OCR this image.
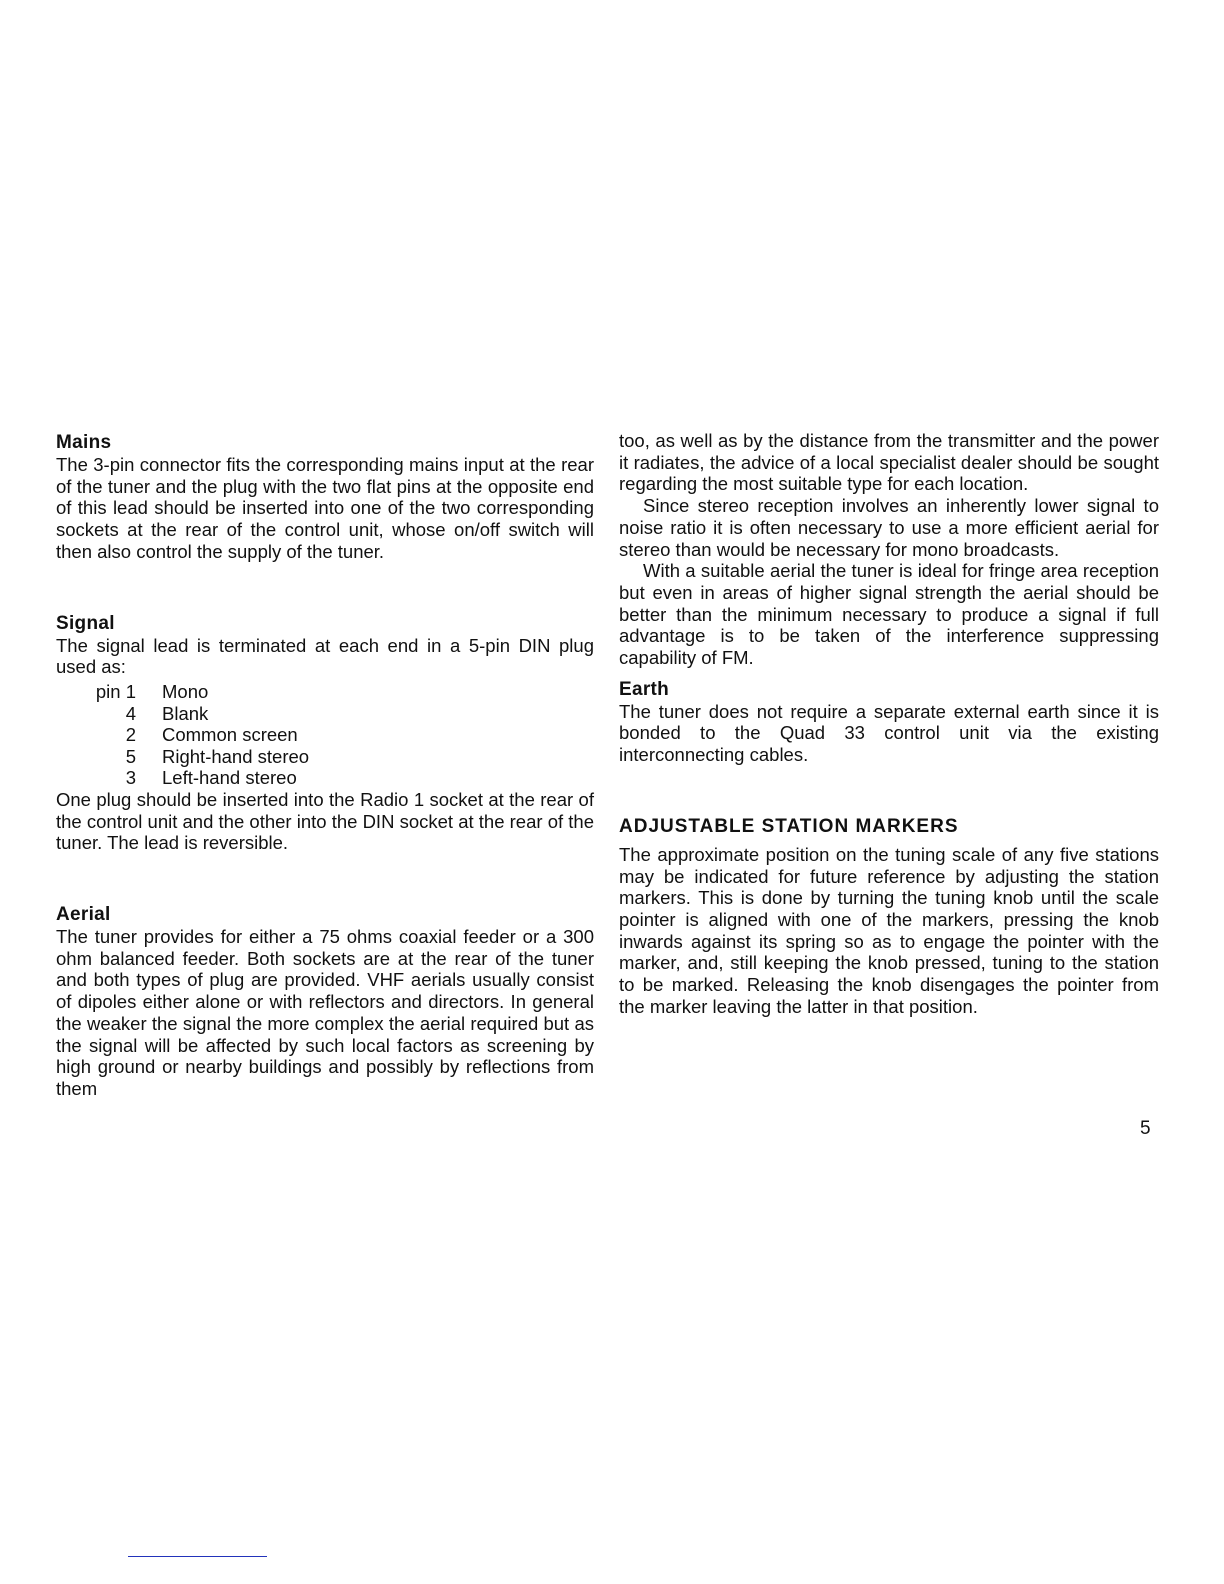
Mains

The 3-pin connector fits the corresponding mains input at the rear of the tuner and the plug with the two flat pins at the opposite end of this lead should be inserted into one of the two corresponding sockets at the rear of the control unit, whose on/off switch will then also control the supply of the tuner.

Signal

The signal lead is terminated at each end in a 5-pin DIN plug used as:

pin 1	Mono
4	Blank
2	Common screen
5	Right-hand stereo
3	Left-hand stereo

One plug should be inserted into the Radio 1 socket at the rear of the control unit and the other into the DIN socket at the rear of the tuner. The lead is reversible.

Aerial

The tuner provides for either a 75 ohms coaxial feeder or a 300 ohm balanced feeder. Both sockets are at the rear of the tuner and both types of plug are provided. VHF aerials usually consist of dipoles either alone or with reflectors and directors. In general the weaker the signal the more complex the aerial required but as the signal will be affected by such local factors as screening by high ground or nearby buildings and possibly by reflections from them

too, as well as by the distance from the transmitter and the power it radiates, the advice of a local specialist dealer should be sought regarding the most suitable type for each location.

Since stereo reception involves an inherently lower signal to noise ratio it is often necessary to use a more efficient aerial for stereo than would be necessary for mono broadcasts.

With a suitable aerial the tuner is ideal for fringe area reception but even in areas of higher signal strength the aerial should be better than the minimum necessary to produce a signal if full advantage is to be taken of the interference suppressing capability of FM.

Earth

The tuner does not require a separate external earth since it is bonded to the Quad 33 control unit via the existing interconnecting cables.

ADJUSTABLE STATION MARKERS

The approximate position on the tuning scale of any five stations may be indicated for future reference by adjusting the station markers. This is done by turning the tuning knob until the scale pointer is aligned with one of the markers, pressing the knob inwards against its spring so as to engage the pointer with the marker, and, still keeping the knob pressed, tuning to the station to be marked. Releasing the knob disengages the pointer from the marker leaving the latter in that position.

5
